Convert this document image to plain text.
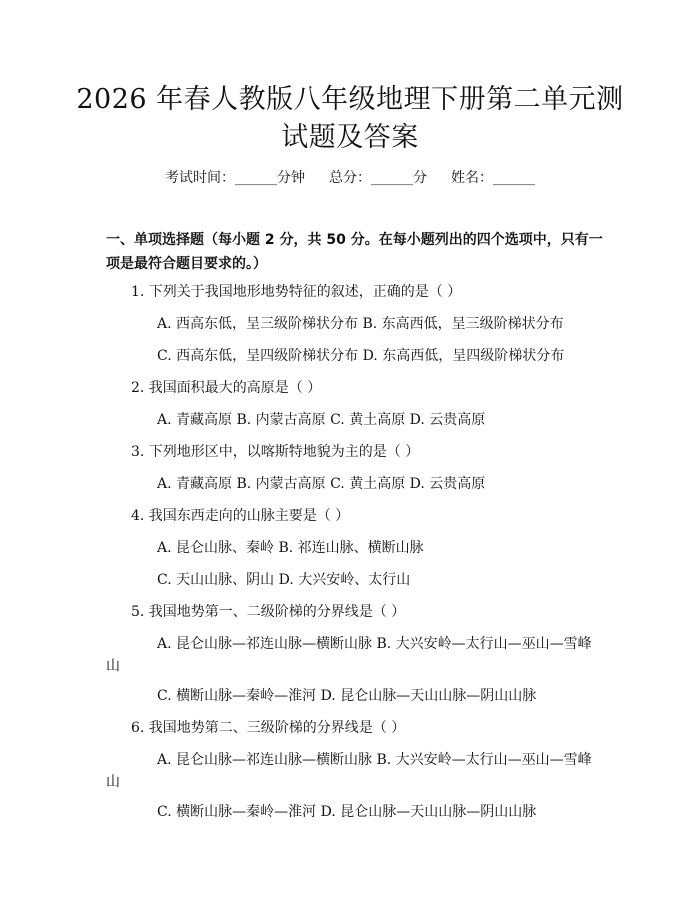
2026 年春人教版八年级地理下册第二单元测
试题及答案
考试时间：______分钟 总分：______分 姓名：______
一、单项选择题（每小题 2 分，共 50 分。在每小题列出的四个选项中，只有一项是最符合题目要求的。）
1. 下列关于我国地形地势特征的叙述，正确的是（ ）
A. 西高东低，呈三级阶梯状分布 B. 东高西低，呈三级阶梯状分布
C. 西高东低，呈四级阶梯状分布 D. 东高西低，呈四级阶梯状分布
2. 我国面积最大的高原是（ ）
A. 青藏高原 B. 内蒙古高原 C. 黄土高原 D. 云贵高原
3. 下列地形区中，以喀斯特地貌为主的是（ ）
A. 青藏高原 B. 内蒙古高原 C. 黄土高原 D. 云贵高原
4. 我国东西走向的山脉主要是（ ）
A. 昆仑山脉、秦岭 B. 祁连山脉、横断山脉
C. 天山山脉、阴山 D. 大兴安岭、太行山
5. 我国地势第一、二级阶梯的分界线是（ ）
A. 昆仑山脉—祁连山脉—横断山脉 B. 大兴安岭—太行山—巫山—雪峰
山
C. 横断山脉—秦岭—淮河 D. 昆仑山脉—天山山脉—阴山山脉
6. 我国地势第二、三级阶梯的分界线是（ ）
A. 昆仑山脉—祁连山脉—横断山脉 B. 大兴安岭—太行山—巫山—雪峰
山
C. 横断山脉—秦岭—淮河 D. 昆仑山脉—天山山脉—阴山山脉
